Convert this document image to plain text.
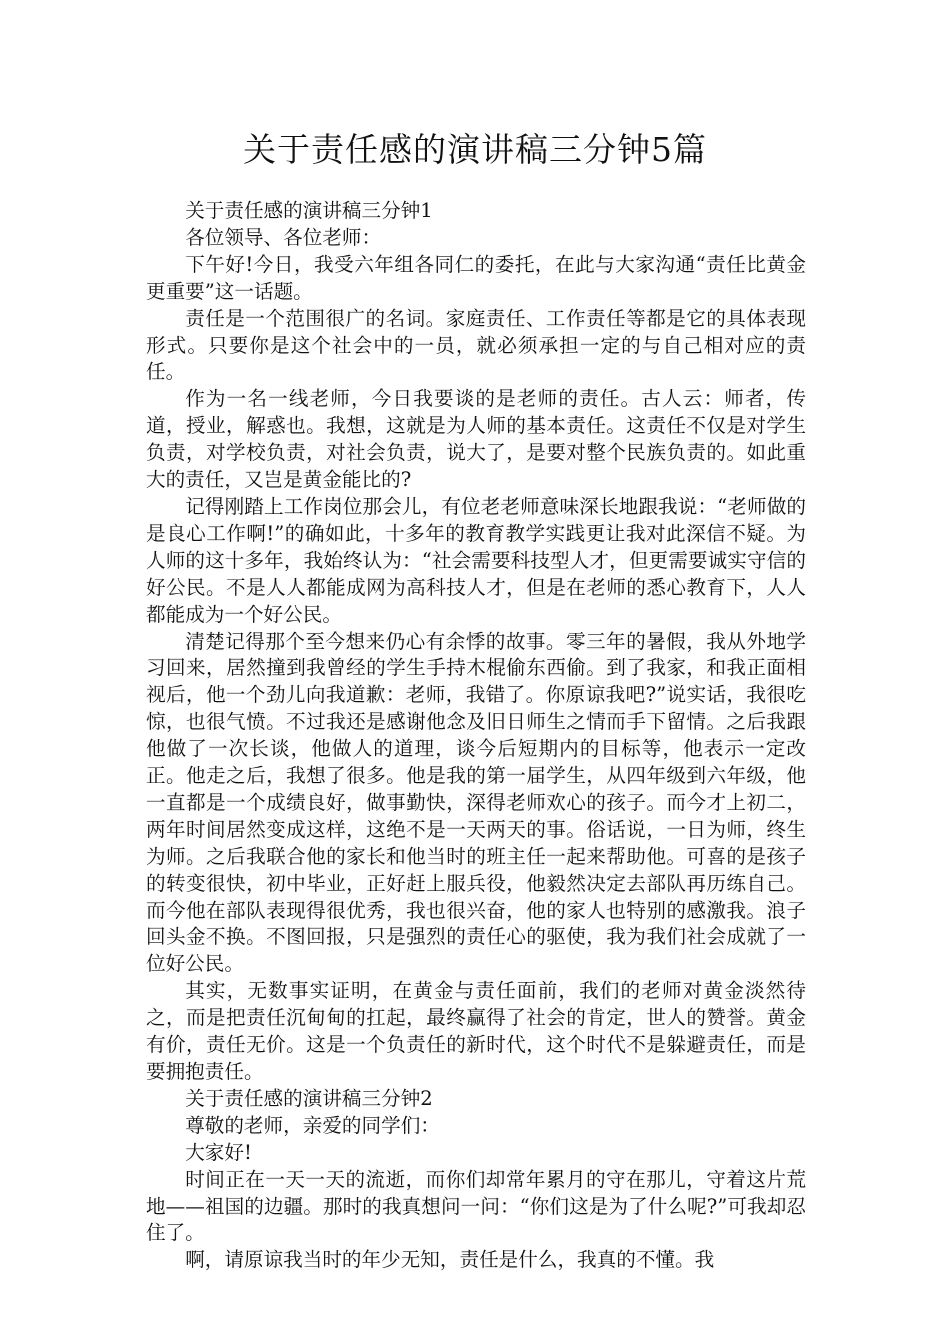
关于责任感的演讲稿三分钟5篇

关于责任感的演讲稿三分钟1

各位领导、各位老师：

下午好!今日，我受六年组各同仁的委托，在此与大家沟通“责任比黄金更重要”这一话题。

责任是一个范围很广的名词。家庭责任、工作责任等都是它的具体表现形式。只要你是这个社会中的一员，就必须承担一定的与自己相对应的责任。

作为一名一线老师，今日我要谈的是老师的责任。古人云：师者，传道，授业，解惑也。我想，这就是为人师的基本责任。这责任不仅是对学生负责，对学校负责，对社会负责，说大了，是要对整个民族负责的。如此重大的责任，又岂是黄金能比的?

记得刚踏上工作岗位那会儿，有位老老师意味深长地跟我说：“老师做的是良心工作啊!”的确如此，十多年的教育教学实践更让我对此深信不疑。为人师的这十多年，我始终认为：“社会需要科技型人才，但更需要诚实守信的好公民。不是人人都能成网为高科技人才，但是在老师的悉心教育下，人人都能成为一个好公民。

清楚记得那个至今想来仍心有余悸的故事。零三年的暑假，我从外地学习回来，居然撞到我曾经的学生手持木棍偷东西偷。到了我家，和我正面相视后，他一个劲儿向我道歉：老师，我错了。你原谅我吧?”说实话，我很吃惊，也很气愤。不过我还是感谢他念及旧日师生之情而手下留情。之后我跟他做了一次长谈，他做人的道理，谈今后短期内的目标等，他表示一定改正。他走之后，我想了很多。他是我的第一届学生，从四年级到六年级，他一直都是一个成绩良好，做事勤快，深得老师欢心的孩子。而今才上初二，两年时间居然变成这样，这绝不是一天两天的事。俗话说，一日为师，终生为师。之后我联合他的家长和他当时的班主任一起来帮助他。可喜的是孩子的转变很快，初中毕业，正好赶上服兵役，他毅然决定去部队再历练自己。而今他在部队表现得很优秀，我也很兴奋，他的家人也特别的感激我。浪子回头金不换。不图回报，只是强烈的责任心的驱使，我为我们社会成就了一位好公民。

其实，无数事实证明，在黄金与责任面前，我们的老师对黄金淡然待之，而是把责任沉甸甸的扛起，最终赢得了社会的肯定，世人的赞誉。黄金有价，责任无价。这是一个负责任的新时代，这个时代不是躲避责任，而是要拥抱责任。

关于责任感的演讲稿三分钟2

尊敬的老师，亲爱的同学们：

大家好!

时间正在一天一天的流逝，而你们却常年累月的守在那儿，守着这片荒地——祖国的边疆。那时的我真想问一问：“你们这是为了什么呢?”可我却忍住了。

啊，请原谅我当时的年少无知，责任是什么，我真的不懂。我
